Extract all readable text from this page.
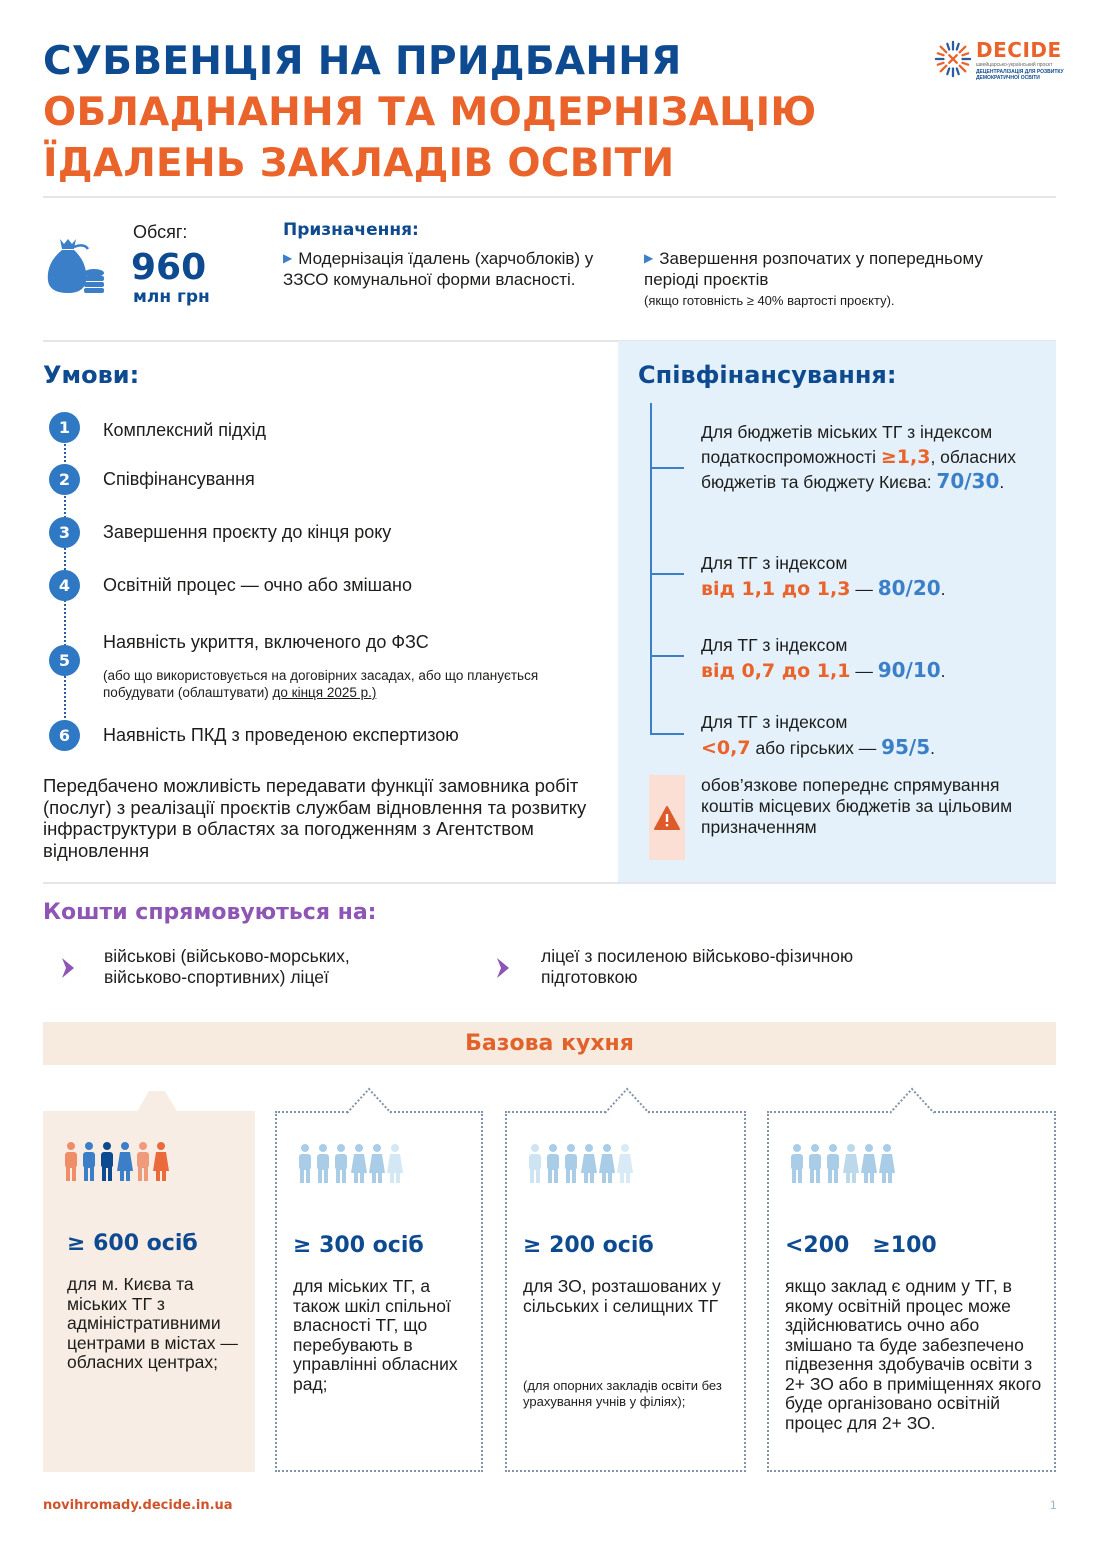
СУБВЕНЦІЯ НА ПРИДБАННЯ
ОБЛАДНАННЯ ТА МОДЕРНІЗАЦІЮ
ЇДАЛЕНЬ ЗАКЛАДІВ ОСВІТИ
DECIDE
швейцарсько-український проєкт
ДЕЦЕНТРАЛІЗАЦІЯ ДЛЯ РОЗВИТКУ ДЕМОКРАТИЧНОЇ ОСВІТИ
Обсяг:
960
млн грн
Призначення:
▶ Модернізація їдалень (харчоблоків) у ЗЗСО комунальної форми власності.
▶ Завершення розпочатих у попередньому періоді проєктів
(якщо готовність ≥ 40% вартості проєкту).
Умови:
1	Комплексний підхід
2	Співфінансування
3	Завершення проєкту до кінця року
4	Освітній процес — очно або змішано
5
Наявність укриття, включеного до ФЗС
(або що використовується на договірних засадах, або що планується побудувати (облаштувати) до кінця 2025 р.)
6	Наявність ПКД з проведеною експертизою
Передбачено можливість передавати функції замовника робіт (послуг) з реалізації проєктів службам відновлення та розвитку інфраструктури в областях за погодженням з Агентством відновлення
Співфінансування:
Для бюджетів міських ТГ з індексом податкоспроможності ≥1,3, обласних бюджетів та бюджету Києва: 70/30.
Для ТГ з індексом
від 1,1 до 1,3 — 80/20.
Для ТГ з індексом
від 0,7 до 1,1 — 90/10.
Для ТГ з індексом
<0,7 або гірських — 95/5.
обов’язкове попереднє спрямування коштів місцевих бюджетів за цільовим призначенням
Кошти спрямовуються на:
військові (військово-морських, військово-спортивних) ліцеї
ліцеї з посиленою військово-фізичною підготовкою
Базова кухня
≥ 600 осіб
для м. Києва та міських ТГ з адміністративними центрами в містах — обласних центрах;
≥ 300 осіб
для міських ТГ, а також шкіл спільної власності ТГ, що перебувають в управлінні обласних рад;
≥ 200 осіб
для ЗО, розташованих у сільських і селищних ТГ
(для опорних закладів освіти без урахування учнів у філіях);
<200   ≥100
якщо заклад є одним у ТГ, в якому освітній процес може здійснюватись очно або змішано та буде забезпечено підвезення здобувачів освіти з 2+ ЗО або в приміщеннях якого буде організовано освітній процес для 2+ ЗО.
novihromady.decide.in.ua	1
